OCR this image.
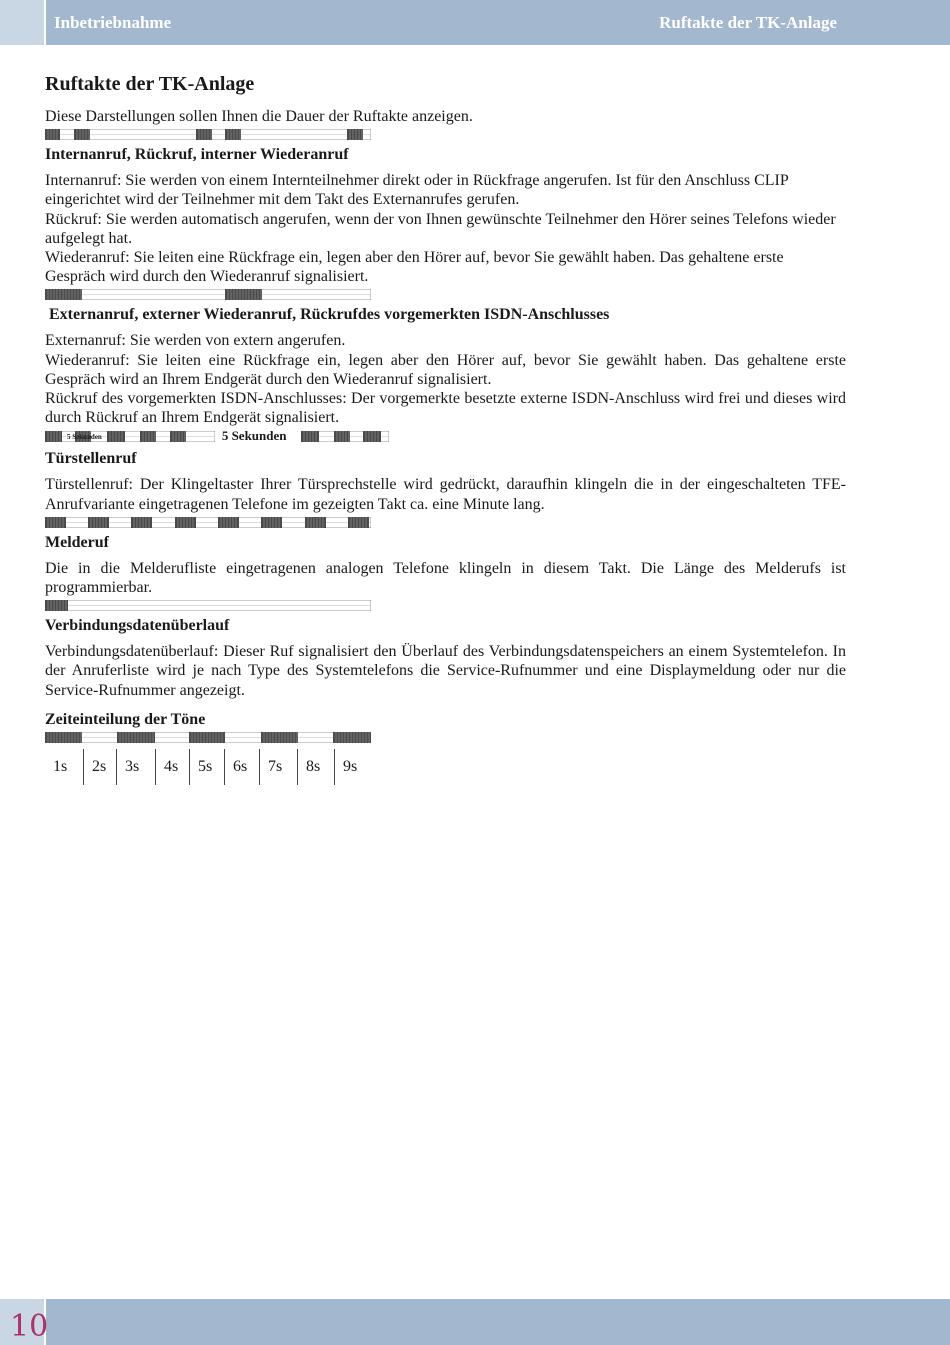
Inbetriebnahme	Ruftakte der TK-Anlage
Ruftakte der TK-Anlage

Diese Darstellungen sollen Ihnen die Dauer der Ruftakte anzeigen.

Internanruf, Rückruf, interner Wiederanruf

Internanruf: Sie werden von einem Internteilnehmer direkt oder in Rückfrage angerufen. Ist für den Anschluss CLIP eingerichtet wird der Teilnehmer mit dem Takt des Externanrufes gerufen.

Rückruf: Sie werden automatisch angerufen, wenn der von Ihnen gewünschte Teilnehmer den Hörer seines Telefons wieder aufgelegt hat.

Wiederanruf: Sie leiten eine Rückfrage ein, legen aber den Hörer auf, bevor Sie gewählt haben. Das gehaltene erste Gespräch wird durch den Wiederanruf signalisiert.

Externanruf, externer Wiederanruf, Rückrufdes vorgemerkten ISDN-Anschlusses

Externanruf: Sie werden von extern angerufen.

Wiederanruf: Sie leiten eine Rückfrage ein, legen aber den Hörer auf, bevor Sie gewählt haben. Das gehaltene erste Gespräch wird an Ihrem Endgerät durch den Wiederanruf signalisiert.

Rückruf des vorgemerkten ISDN-Anschlusses: Der vorgemerkte besetzte externe ISDN-Anschluss wird frei und dieses wird durch Rückruf an Ihrem Endgerät signalisiert.

5 Sekunden	5 Sekunden
Türstellenruf

Türstellenruf: Der Klingeltaster Ihrer Türsprechstelle wird gedrückt, daraufhin klingeln die in der eingeschalteten TFE-Anrufvariante eingetragenen Telefone im gezeigten Takt ca. eine Minute lang.

Melderuf

Die in die Melderufliste eingetragenen analogen Telefone klingeln in diesem Takt. Die Länge des Melderufs ist programmierbar.

Verbindungsdatenüberlauf

Verbindungsdatenüberlauf: Dieser Ruf signalisiert den Überlauf des Verbindungsdatenspeichers an einem Systemtelefon. In der Anruferliste wird je nach Type des Systemtelefons die Service-Rufnummer und eine Displaymeldung oder nur die Service-Rufnummer angezeigt.

Zeiteinteilung der Töne
1s	2s	3s	4s	5s	6s	7s	8s	9s
10
